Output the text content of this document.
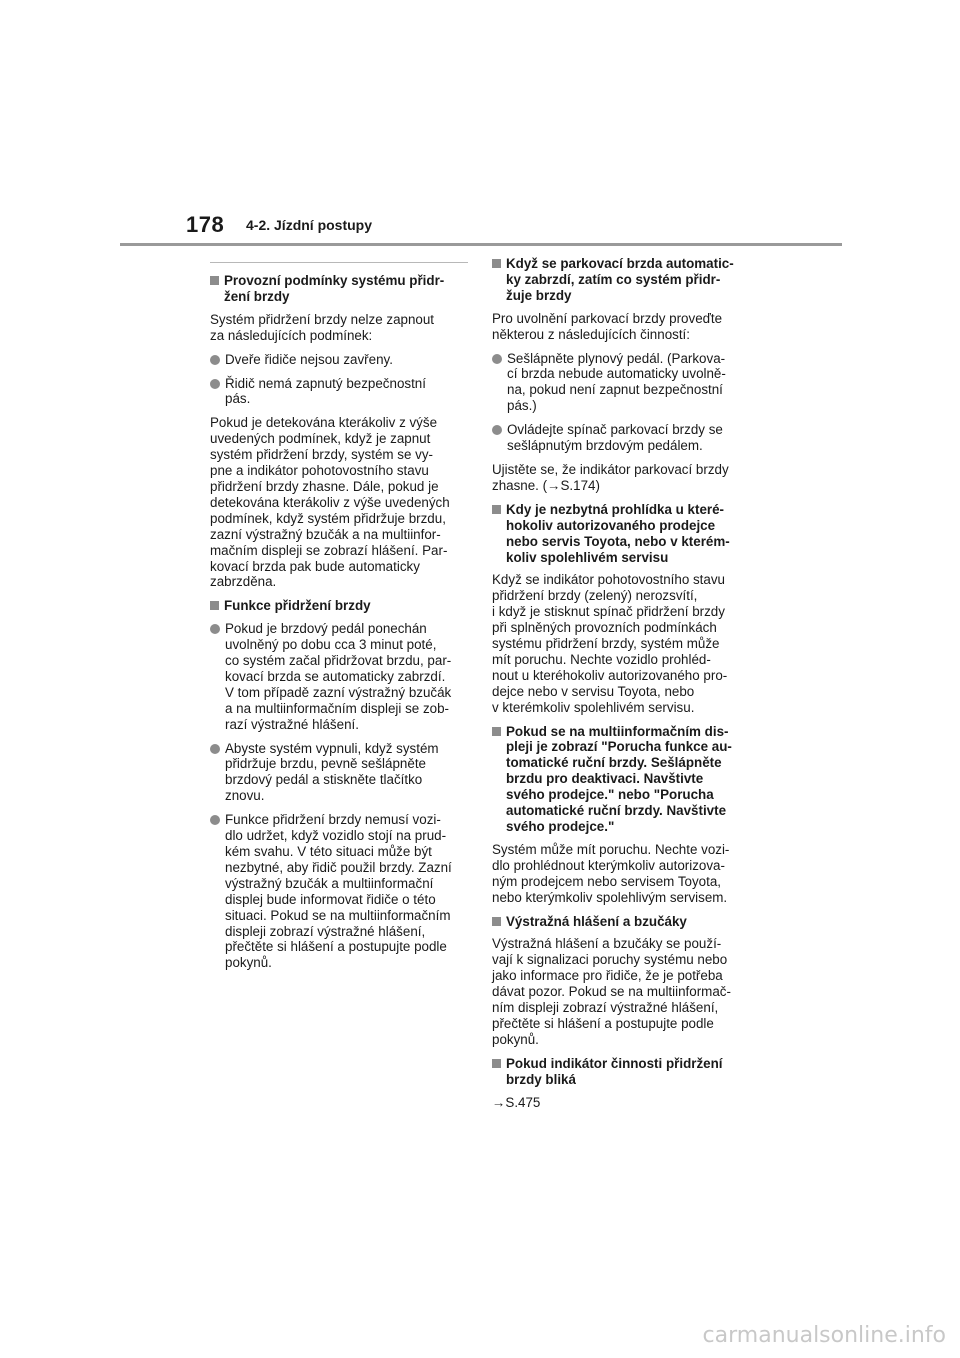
178 4-2. Jízdní postupy
Provozní podmínky systému přidr-
žení brzdy
Systém přidržení brzdy nelze zapnout
za následujících podmínek:
Dveře řidiče nejsou zavřeny.
Řidič nemá zapnutý bezpečnostní
pás.
Pokud je detekována kterákoliv z výše
uvedených podmínek, když je zapnut
systém přidržení brzdy, systém se vy-
pne a indikátor pohotovostního stavu
přidržení brzdy zhasne. Dále, pokud je
detekována kterákoliv z výše uvedených
podmínek, když systém přidržuje brzdu,
zazní výstražný bzučák a na multiinfor-
mačním displeji se zobrazí hlášení. Par-
kovací brzda pak bude automaticky
zabrzděna.
Funkce přidržení brzdy
Pokud je brzdový pedál ponechán
uvolněný po dobu cca 3 minut poté,
co systém začal přidržovat brzdu, par-
kovací brzda se automaticky zabrzdí.
V tom případě zazní výstražný bzučák
a na multiinformačním displeji se zob-
razí výstražné hlášení.
Abyste systém vypnuli, když systém
přidržuje brzdu, pevně sešlápněte
brzdový pedál a stiskněte tlačítko
znovu.
Funkce přidržení brzdy nemusí vozi-
dlo udržet, když vozidlo stojí na prud-
kém svahu. V této situaci může být
nezbytné, aby řidič použil brzdy. Zazní
výstražný bzučák a multiinformační
displej bude informovat řidiče o této
situaci. Pokud se na multiinformačním
displeji zobrazí výstražné hlášení,
přečtěte si hlášení a postupujte podle
pokynů.
Když se parkovací brzda automatic-
ky zabrzdí, zatím co systém přidr-
žuje brzdy
Pro uvolnění parkovací brzdy proveďte
některou z následujících činností:
Sešlápněte plynový pedál. (Parkova-
cí brzda nebude automaticky uvolně-
na, pokud není zapnut bezpečnostní
pás.)
Ovládejte spínač parkovací brzdy se
sešlápnutým brzdovým pedálem.
Ujistěte se, že indikátor parkovací brzdy
zhasne. (→S.174)
Kdy je nezbytná prohlídka u které-
hokoliv autorizovaného prodejce
nebo servis Toyota, nebo v kterém-
koliv spolehlivém servisu
Když se indikátor pohotovostního stavu
přidržení brzdy (zelený) nerozsvítí,
i když je stisknut spínač přidržení brzdy
při splněných provozních podmínkách
systému přidržení brzdy, systém může
mít poruchu. Nechte vozidlo prohléd-
nout u kteréhokoliv autorizovaného pro-
dejce nebo v servisu Toyota, nebo
v kterémkoliv spolehlivém servisu.
Pokud se na multiinformačním dis-
pleji je zobrazí "Porucha funkce au-
tomatické ruční brzdy. Sešlápněte
brzdu pro deaktivaci. Navštivte
svého prodejce." nebo "Porucha
automatické ruční brzdy. Navštivte
svého prodejce."
Systém může mít poruchu. Nechte vozi-
dlo prohlédnout kterýmkoliv autorizova-
ným prodejcem nebo servisem Toyota,
nebo kterýmkoliv spolehlivým servisem.
Výstražná hlášení a bzučáky
Výstražná hlášení a bzučáky se použí-
vají k signalizaci poruchy systému nebo
jako informace pro řidiče, že je potřeba
dávat pozor. Pokud se na multiinformač-
ním displeji zobrazí výstražné hlášení,
přečtěte si hlášení a postupujte podle
pokynů.
Pokud indikátor činnosti přidržení
brzdy bliká
→S.475
carmanualsonline.info
